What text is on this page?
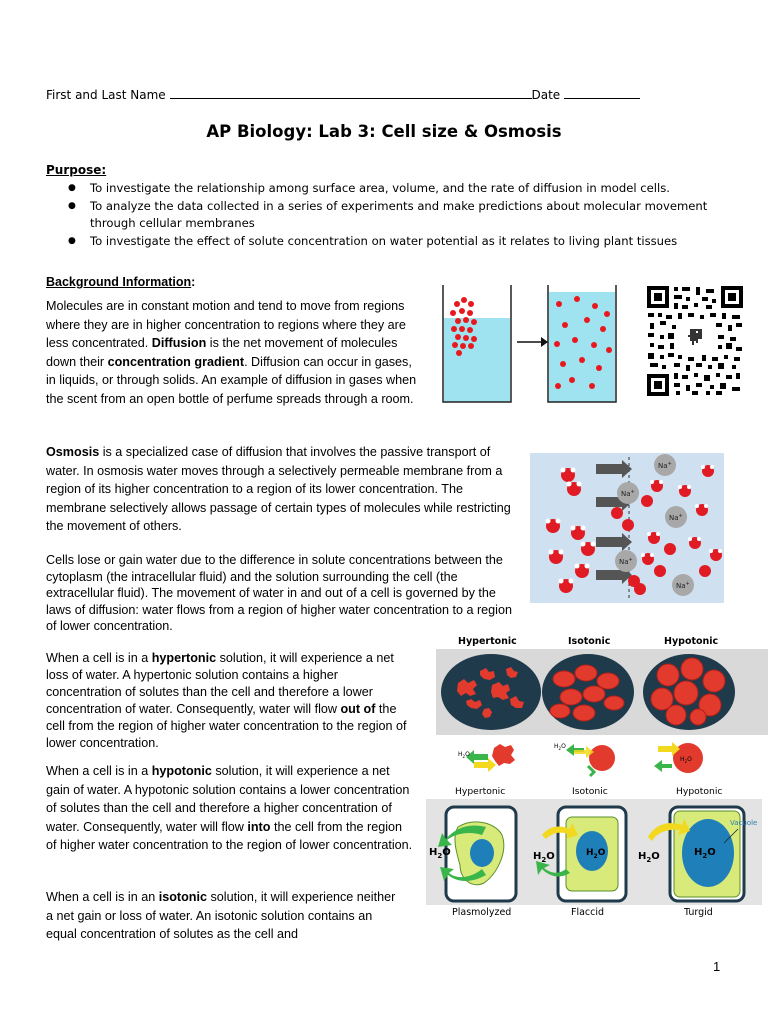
First and Last Name	Date
AP Biology: Lab 3: Cell size & Osmosis
Purpose:
● To investigate the relationship among surface area, volume, and the rate of diffusion in model cells.
● To analyze the data collected in a series of experiments and make predictions about molecular movement through cellular membranes
● To investigate the effect of solute concentration on water potential as it relates to living plant tissues
Background Information:
Molecules are in constant motion and tend to move from regions where they are in higher concentration to regions where they are less concentrated. Diffusion is the net movement of molecules down their concentration gradient. Diffusion can occur in gases, in liquids, or through solids. An example of diffusion in gases when the scent from an open bottle of perfume spreads through a room.
Osmosis is a specialized case of diffusion that involves the passive transport of water. In osmosis water moves through a selectively permeable membrane from a region of its higher concentration to a region of its lower concentration. The membrane selectively allows passage of certain types of molecules while restricting the movement of others.
Cells lose or gain water due to the difference in solute concentrations between the cytoplasm (the intracellular fluid) and the solution surrounding the cell (the extracellular fluid). The movement of water in and out of a cell is governed by the laws of diffusion: water flows from a region of higher water concentration to a region of lower concentration.
When a cell is in a hypertonic solution, it will experience a net loss of water. A hypertonic solution contains a higher concentration of solutes than the cell and therefore a lower concentration of water. Consequently, water will flow out of the cell from the region of higher water concentration to the region of lower concentration.
When a cell is in a hypotonic solution, it will experience a net gain of water. A hypotonic solution contains a lower concentration of solutes than the cell and therefore a higher concentration of water. Consequently, water will flow into the cell from the region of higher water concentration to the region of lower concentration.
When a cell is in an isotonic solution, it will experience neither a net gain or loss of water. An isotonic solution contains an equal concentration of solutes as the cell and
Na+
Na+
Na+
Na+
Na+
Hypertonic	Isotonic	Hypotonic
$H_2O$
$H_2O$
$H_2O$
Hypertonic	Isotonic	Hypotonic
$H_2O$	$H_2O$
$H_2O$	$H_2O$
$H_2O$
Vacuole
Plasmolyzed	Flaccid	Turgid
1
